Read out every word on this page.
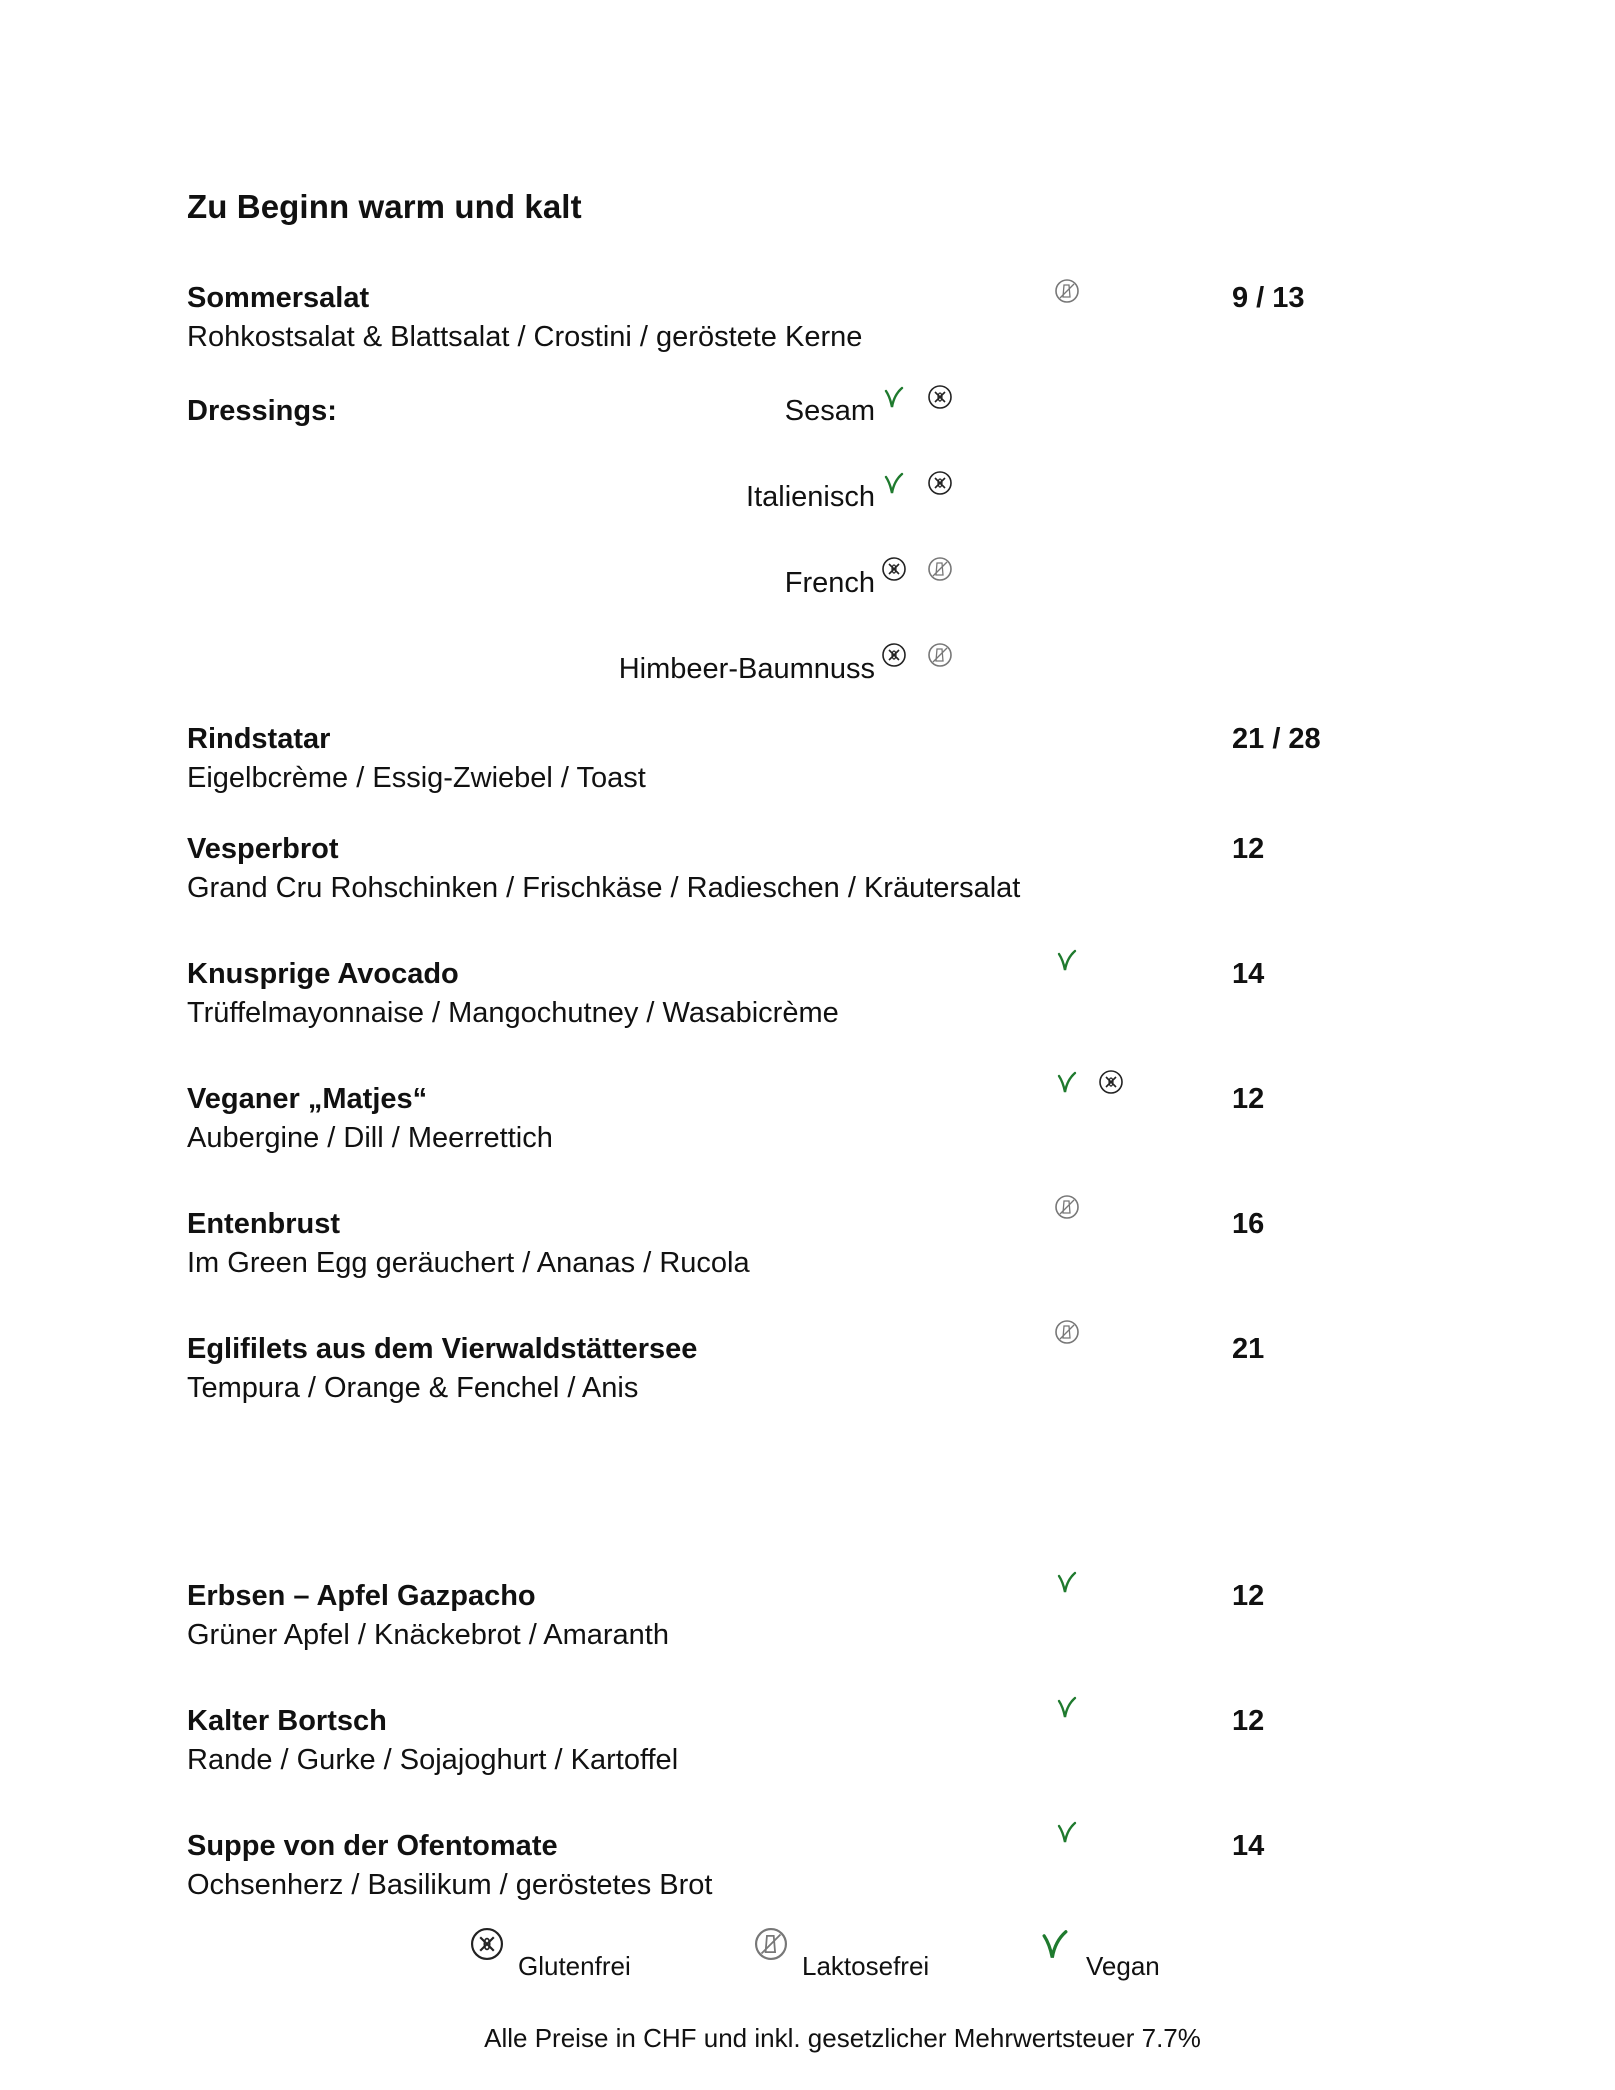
Zu Beginn warm und kalt
Sommersalat
Rohkostsalat & Blattsalat / Crostini / geröstete Kerne
9 / 13
Dressings:	Sesam
Italienisch
French
Himbeer-Baumnuss
Rindstatar
Eigelbcrème / Essig-Zwiebel / Toast
21 / 28
Vesperbrot
Grand Cru Rohschinken / Frischkäse / Radieschen / Kräutersalat
12
Knusprige Avocado
Trüffelmayonnaise / Mangochutney / Wasabicrème
14
Veganer „Matjes“
Aubergine / Dill / Meerrettich
12
Entenbrust
Im Green Egg geräuchert / Ananas / Rucola
16
Eglifilets aus dem Vierwaldstättersee
Tempura / Orange & Fenchel / Anis
21
Erbsen – Apfel Gazpacho
Grüner Apfel / Knäckebrot / Amaranth
12
Kalter Bortsch
Rande / Gurke / Sojajoghurt / Kartoffel
12
Suppe von der Ofentomate
Ochsenherz / Basilikum / geröstetes Brot
14
Glutenfrei	Laktosefrei	Vegan
Alle Preise in CHF und inkl. gesetzlicher Mehrwertsteuer 7.7%
